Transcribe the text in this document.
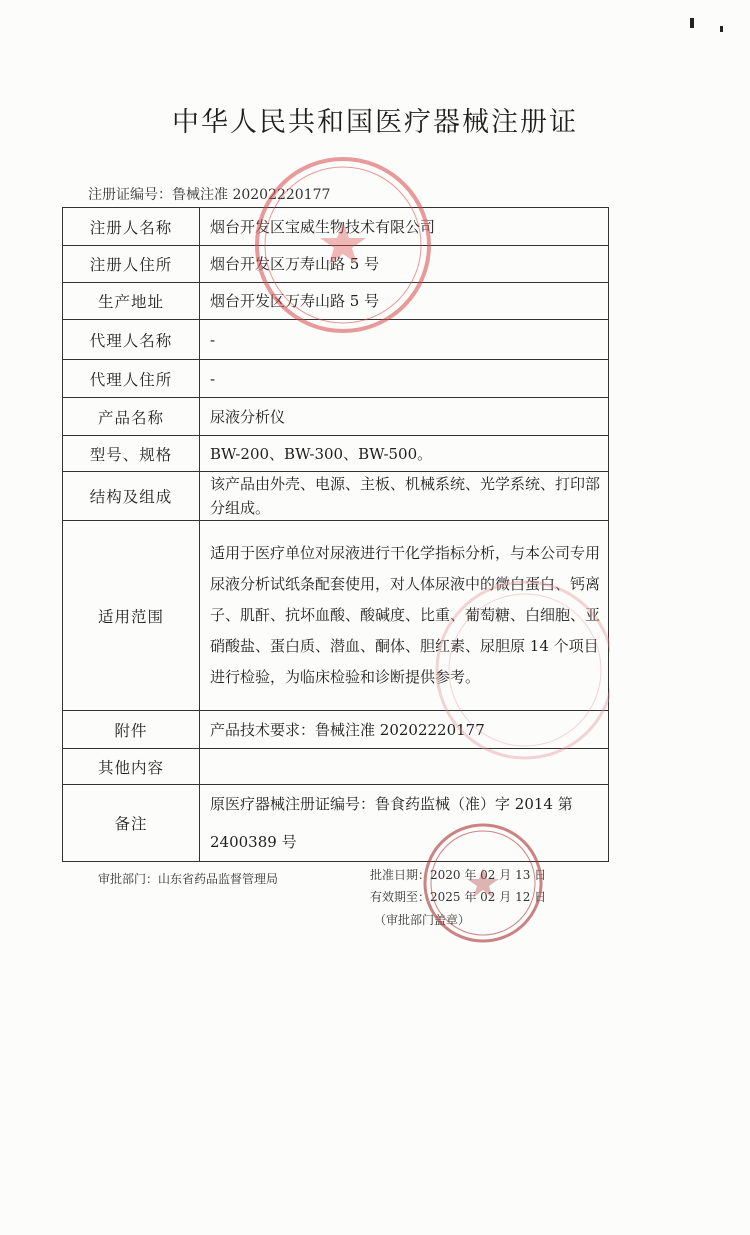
中华人民共和国医疗器械注册证
注册证编号：鲁械注准 20202220177
注册人名称	烟台开发区宝威生物技术有限公司
注册人住所	烟台开发区万寿山路 5 号
生产地址	烟台开发区万寿山路 5 号
代理人名称	-
代理人住所	-
产品名称	尿液分析仪
型号、规格	BW-200、BW-300、BW-500。
结构及组成	该产品由外壳、电源、主板、机械系统、光学系统、打印部分组成。
适用范围	适用于医疗单位对尿液进行干化学指标分析，与本公司专用尿液分析试纸条配套使用，对人体尿液中的微白蛋白、钙离子、肌酐、抗坏血酸、酸碱度、比重、葡萄糖、白细胞、亚硝酸盐、蛋白质、潜血、酮体、胆红素、尿胆原 14 个项目进行检验，为临床检验和诊断提供参考。
附件	产品技术要求：鲁械注准 20202220177
其他内容	
备注	原医疗器械注册证编号：鲁食药监械（准）字 2014 第 2400389 号
审批部门：山东省药品监督管理局	批准日期：2020 年 02 月 13 日
有效期至：2025 年 02 月 12 日
（审批部门盖章）
